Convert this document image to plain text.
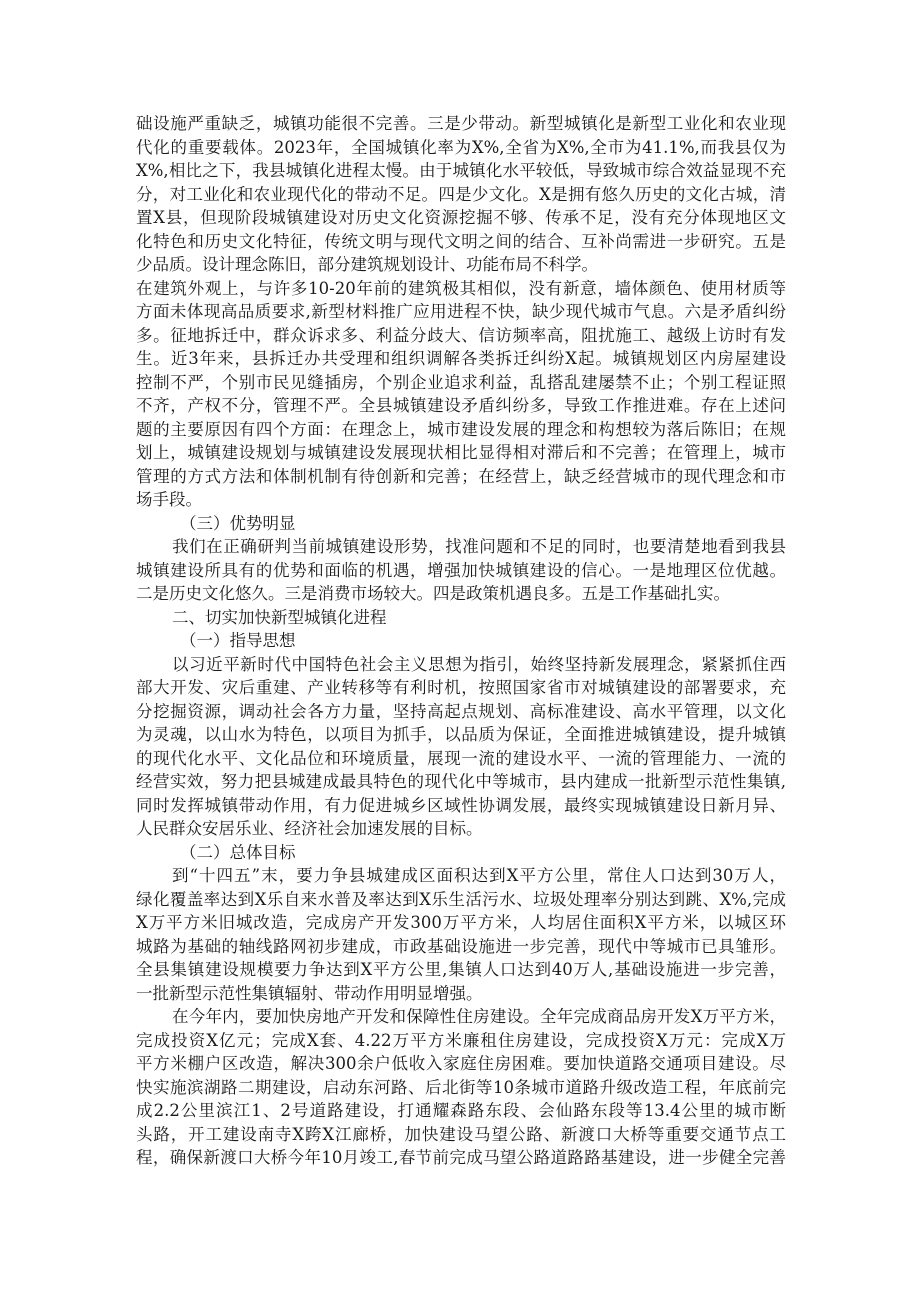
础设施严重缺乏，城镇功能很不完善。三是少带动。新型城镇化是新型工业化和农业现
代化的重要载体。2023年，全国城镇化率为X%,全省为X%,全市为41.1%,而我县仅为
X%,相比之下，我县城镇化进程太慢。由于城镇化水平较低，导致城市综合效益显现不充
分，对工业化和农业现代化的带动不足。四是少文化。X是拥有悠久历史的文化古城，清
置X县，但现阶段城镇建设对历史文化资源挖掘不够、传承不足，没有充分体现地区文
化特色和历史文化特征，传统文明与现代文明之间的结合、互补尚需进一步研究。五是
少品质。设计理念陈旧，部分建筑规划设计、功能布局不科学。
在建筑外观上，与许多10-20年前的建筑极其相似，没有新意，墙体颜色、使用材质等
方面未体现高品质要求,新型材料推广应用进程不快，缺少现代城市气息。六是矛盾纠纷
多。征地拆迁中，群众诉求多、利益分歧大、信访频率高，阻扰施工、越级上访时有发
生。近3年来，县拆迁办共受理和组织调解各类拆迁纠纷X起。城镇规划区内房屋建设
控制不严，个别市民见缝插房，个别企业追求利益，乱搭乱建屡禁不止；个别工程证照
不齐，产权不分，管理不严。全县城镇建设矛盾纠纷多，导致工作推进难。存在上述问
题的主要原因有四个方面：在理念上，城市建设发展的理念和构想较为落后陈旧；在规
划上，城镇建设规划与城镇建设发展现状相比显得相对滞后和不完善；在管理上，城市
管理的方式方法和体制机制有待创新和完善；在经营上，缺乏经营城市的现代理念和市
场手段。
（三）优势明显
我们在正确研判当前城镇建设形势，找准问题和不足的同时，也要清楚地看到我县
城镇建设所具有的优势和面临的机遇，增强加快城镇建设的信心。一是地理区位优越。
二是历史文化悠久。三是消费市场较大。四是政策机遇良多。五是工作基础扎实。
二、切实加快新型城镇化进程
（一）指导思想
以习近平新时代中国特色社会主义思想为指引，始终坚持新发展理念，紧紧抓住西
部大开发、灾后重建、产业转移等有利时机，按照国家省市对城镇建设的部署要求，充
分挖掘资源，调动社会各方力量，坚持高起点规划、高标准建设、高水平管理，以文化
为灵魂，以山水为特色，以项目为抓手，以品质为保证，全面推进城镇建设，提升城镇
的现代化水平、文化品位和环境质量，展现一流的建设水平、一流的管理能力、一流的
经营实效，努力把县城建成最具特色的现代化中等城市，县内建成一批新型示范性集镇,
同时发挥城镇带动作用，有力促进城乡区域性协调发展，最终实现城镇建设日新月异、
人民群众安居乐业、经济社会加速发展的目标。
（二）总体目标
到“十四五”末，要力争县城建成区面积达到X平方公里，常住人口达到30万人，
绿化覆盖率达到X乐自来水普及率达到X乐生活污水、垃圾处理率分别达到跳、X%,完成
X万平方米旧城改造，完成房产开发300万平方米，人均居住面积X平方米，以城区环
城路为基础的轴线路网初步建成，市政基础设施进一步完善，现代中等城市已具雏形。
全县集镇建设规模要力争达到X平方公里,集镇人口达到40万人,基础设施进一步完善，
一批新型示范性集镇辐射、带动作用明显增强。
在今年内，要加快房地产开发和保障性住房建设。全年完成商品房开发X万平方米，
完成投资X亿元；完成X套、4.22万平方米廉租住房建设，完成投资X万元：完成X万
平方米棚户区改造，解决300余户低收入家庭住房困难。要加快道路交通项目建设。尽
快实施滨湖路二期建设，启动东河路、后北街等10条城市道路升级改造工程，年底前完
成2.2公里滨江1、2号道路建设，打通耀森路东段、会仙路东段等13.4公里的城市断
头路，开工建设南寺X跨X江廊桥，加快建设马望公路、新渡口大桥等重要交通节点工
程，确保新渡口大桥今年10月竣工,春节前完成马望公路道路路基建设，进一步健全完善
